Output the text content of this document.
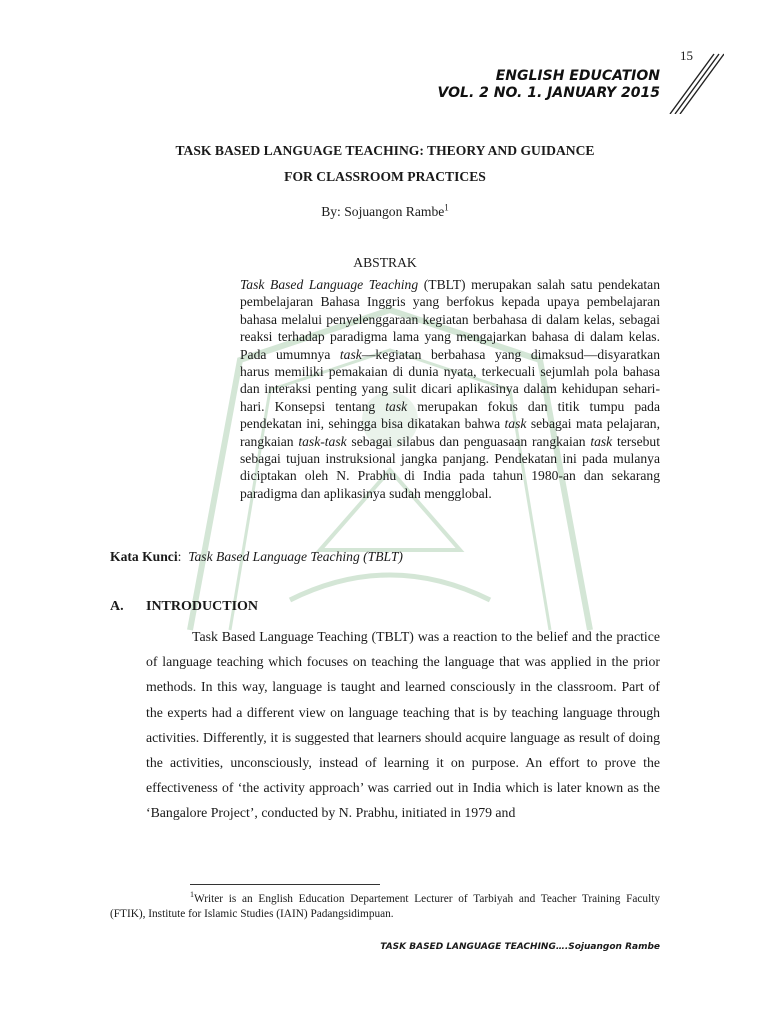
15
ENGLISH EDUCATION
VOL. 2 NO. 1. JANUARY 2015
TASK BASED LANGUAGE TEACHING: THEORY AND GUIDANCE
FOR CLASSROOM PRACTICES
By: Sojuangon Rambe$^1$
ABSTRAK
Task Based Language Teaching (TBLT) merupakan salah satu pendekatan pembelajaran Bahasa Inggris yang berfokus kepada upaya pembelajaran bahasa melalui penyelenggaraan kegiatan berbahasa di dalam kelas, sebagai reaksi terhadap paradigma lama yang mengajarkan bahasa di dalam kelas. Pada umumnya task—kegiatan berbahasa yang dimaksud—disyaratkan harus memiliki pemakaian di dunia nyata, terkecuali sejumlah pola bahasa dan interaksi penting yang sulit dicari aplikasinya dalam kehidupan sehari-hari. Konsepsi tentang task merupakan fokus dan titik tumpu pada pendekatan ini, sehingga bisa dikatakan bahwa task sebagai mata pelajaran, rangkaian task-task sebagai silabus dan penguasaan rangkaian task tersebut sebagai tujuan instruksional jangka panjang. Pendekatan ini pada mulanya diciptakan oleh N. Prabhu di India pada tahun 1980-an dan sekarang paradigma dan aplikasinya sudah mengglobal.
Kata Kunci: Task Based Language Teaching (TBLT)
A. INTRODUCTION

Task Based Language Teaching (TBLT) was a reaction to the belief and the practice of language teaching which focuses on teaching the language that was applied in the prior methods. In this way, language is taught and learned consciously in the classroom. Part of the experts had a different view on language teaching that is by teaching language through activities. Differently, it is suggested that learners should acquire language as result of doing the activities, unconsciously, instead of learning it on purpose. An effort to prove the effectiveness of ‘the activity approach’ was carried out in India which is later known as the ‘Bangalore Project’, conducted by N. Prabhu, initiated in 1979 and

$^1$Writer is an English Education Departement Lecturer of Tarbiyah and Teacher Training Faculty (FTIK), Institute for Islamic Studies (IAIN) Padangsidimpuan.

TASK BASED LANGUAGE TEACHING….Sojuangon Rambe
